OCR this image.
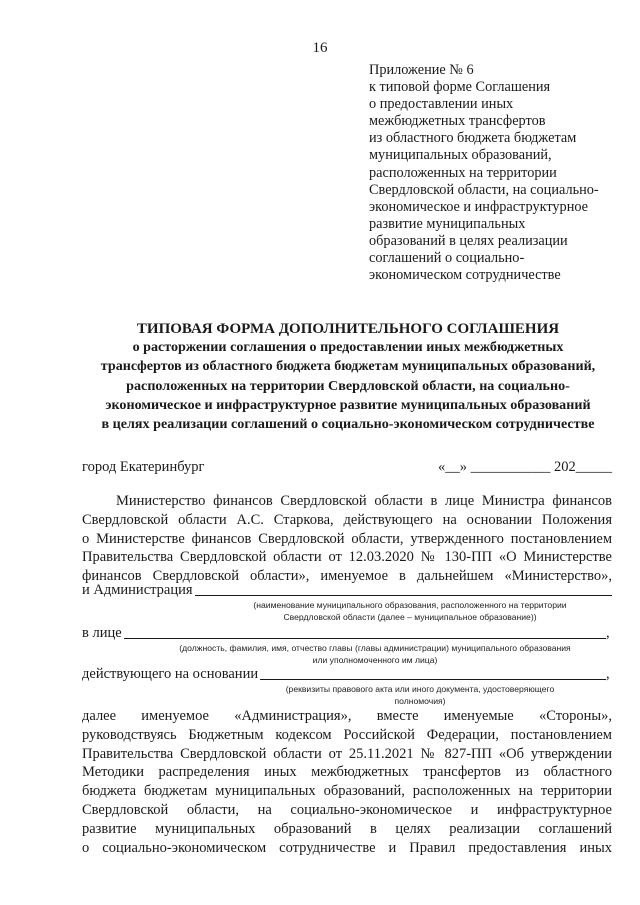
16
Приложение № 6
к типовой форме Соглашения
о предоставлении иных
межбюджетных трансфертов
из областного бюджета бюджетам
муниципальных образований,
расположенных на территории
Свердловской области, на социально-
экономическое и инфраструктурное
развитие муниципальных
образований в целях реализации
соглашений о социально-
экономическом сотрудничестве
ТИПОВАЯ ФОРМА ДОПОЛНИТЕЛЬНОГО СОГЛАШЕНИЯ
о расторжении соглашения о предоставлении иных межбюджетных
трансфертов из областного бюджета бюджетам муниципальных образований,
расположенных на территории Свердловской области, на социально-
экономическое и инфраструктурное развитие муниципальных образований
в целях реализации соглашений о социально-экономическом сотрудничестве
город Екатеринбург	«__» ___________ 202_____
Министерство финансов Свердловской области в лице Министра финансов
Свердловской области А.С. Старкова, действующего на основании Положения
о Министерстве финансов Свердловской области, утвержденного постановлением
Правительства Свердловской области от 12.03.2020 № 130-ПП «О Министерстве
финансов Свердловской области», именуемое в дальнейшем «Министерство»,
и Администрация
(наименование муниципального образования, расположенного на территории
Свердловской области (далее – муниципальное образование))
в лице	,
(должность, фамилия, имя, отчество главы (главы администрации) муниципального образования
или уполномоченного им лица)
действующего на основании	,
(реквизиты правового акта или иного документа, удостоверяющего
полномочия)
далее именуемое «Администрация», вместе именуемые «Стороны»,
руководствуясь Бюджетным кодексом Российской Федерации, постановлением
Правительства Свердловской области от 25.11.2021 № 827-ПП «Об утверждении
Методики распределения иных межбюджетных трансфертов из областного
бюджета бюджетам муниципальных образований, расположенных на территории
Свердловской области, на социально-экономическое и инфраструктурное
развитие муниципальных образований в целях реализации соглашений
о социально-экономическом сотрудничестве и Правил предоставления иных
